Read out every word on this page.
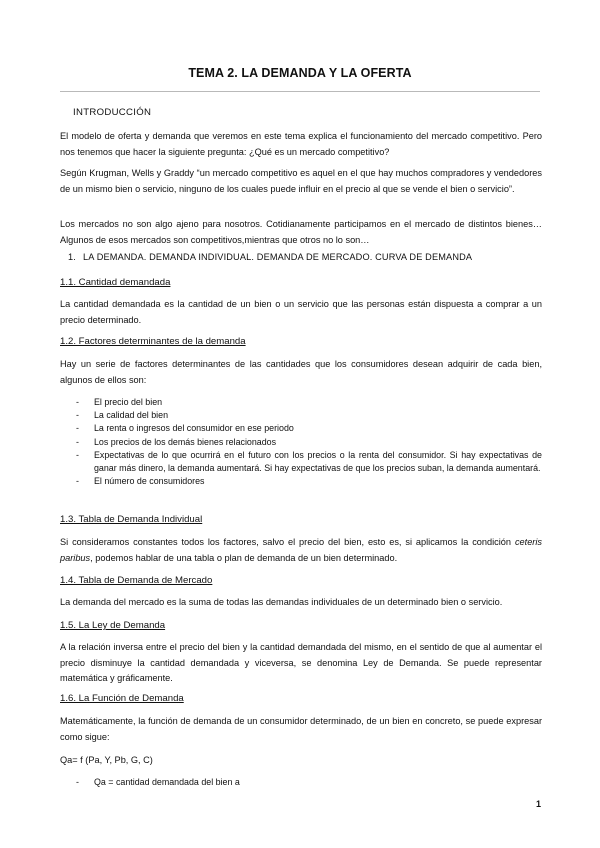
TEMA 2. LA DEMANDA Y LA OFERTA
INTRODUCCIÓN

El modelo de oferta y demanda que veremos en este tema explica el funcionamiento del mercado competitivo. Pero nos tenemos que hacer la siguiente pregunta: ¿Qué es un mercado competitivo?

Según Krugman, Wells y Graddy “un mercado competitivo es aquel en el que hay muchos compradores y vendedores de un mismo bien o servicio, ninguno de los cuales puede influir en el precio al que se vende el bien o servicio”.

Los mercados no son algo ajeno para nosotros. Cotidianamente participamos en el mercado de distintos bienes… Algunos de esos mercados son competitivos,mientras que otros no lo son…

1. LA DEMANDA. DEMANDA INDIVIDUAL. DEMANDA DE MERCADO. CURVA DE DEMANDA
1.1. Cantidad demandada

La cantidad demandada es la cantidad de un bien o un servicio que las personas están dispuesta a comprar a un precio determinado.

1.2. Factores determinantes de la demanda

Hay un serie de factores determinantes de las cantidades que los consumidores desean adquirir de cada bien, algunos de ellos son:

- El precio del bien
- La calidad del bien
- La renta o ingresos del consumidor en ese periodo
- Los precios de los demás bienes relacionados
- Expectativas de lo que ocurrirá en el futuro con los precios o la renta del consumidor. Si hay expectativas de ganar más dinero, la demanda aumentará. Si hay expectativas de que los precios suban, la demanda aumentará.
- El número de consumidores
1.3. Tabla de Demanda Individual

Si consideramos constantes todos los factores, salvo el precio del bien, esto es, si aplicamos la condición ceteris paribus, podemos hablar de una tabla o plan de demanda de un bien determinado.

1.4. Tabla de Demanda de Mercado

La demanda del mercado es la suma de todas las demandas individuales de un determinado bien o servicio.

1.5. La Ley de Demanda

A la relación inversa entre el precio del bien y la cantidad demandada del mismo, en el sentido de que al aumentar el precio disminuye la cantidad demandada y viceversa, se denomina Ley de Demanda. Se puede representar matemática y gráficamente.

1.6. La Función de Demanda

Matemáticamente, la función de demanda de un consumidor determinado, de un bien en concreto, se puede expresar como sigue:

Qa= f (Pa, Y, Pb, G, C)
- Qa = cantidad demandada del bien a
1
